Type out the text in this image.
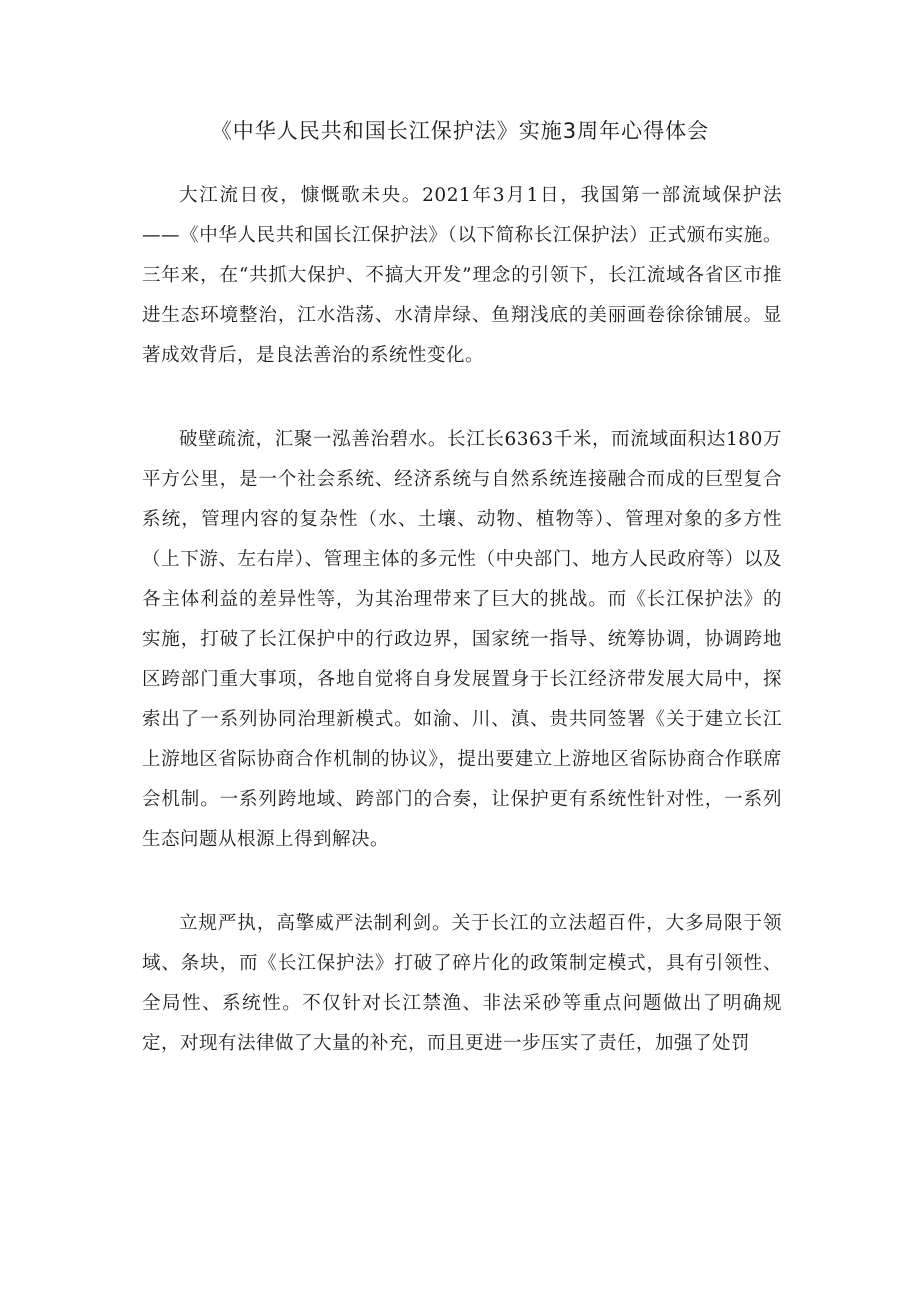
《中华人民共和国长江保护法》实施3周年心得体会

大江流日夜，慷慨歌未央。2021年3月1日，我国第一部流域保护法——《中华人民共和国长江保护法》（以下简称长江保护法）正式颁布实施。三年来，在“共抓大保护、不搞大开发”理念的引领下，长江流域各省区市推进生态环境整治，江水浩荡、水清岸绿、鱼翔浅底的美丽画卷徐徐铺展。显著成效背后，是良法善治的系统性变化。

破壁疏流，汇聚一泓善治碧水。长江长6363千米，而流域面积达180万平方公里，是一个社会系统、经济系统与自然系统连接融合而成的巨型复合系统，管理内容的复杂性（水、土壤、动物、植物等）、管理对象的多方性（上下游、左右岸）、管理主体的多元性（中央部门、地方人民政府等）以及各主体利益的差异性等，为其治理带来了巨大的挑战。而《长江保护法》的实施，打破了长江保护中的行政边界，国家统一指导、统筹协调，协调跨地区跨部门重大事项，各地自觉将自身发展置身于长江经济带发展大局中，探索出了一系列协同治理新模式。如渝、川、滇、贵共同签署《关于建立长江上游地区省际协商合作机制的协议》，提出要建立上游地区省际协商合作联席会机制。一系列跨地域、跨部门的合奏，让保护更有系统性针对性，一系列生态问题从根源上得到解决。

立规严执，高擎威严法制利剑。关于长江的立法超百件，大多局限于领域、条块，而《长江保护法》打破了碎片化的政策制定模式，具有引领性、全局性、系统性。不仅针对长江禁渔、非法采砂等重点问题做出了明确规定，对现有法律做了大量的补充，而且更进一步压实了责任，加强了处罚
